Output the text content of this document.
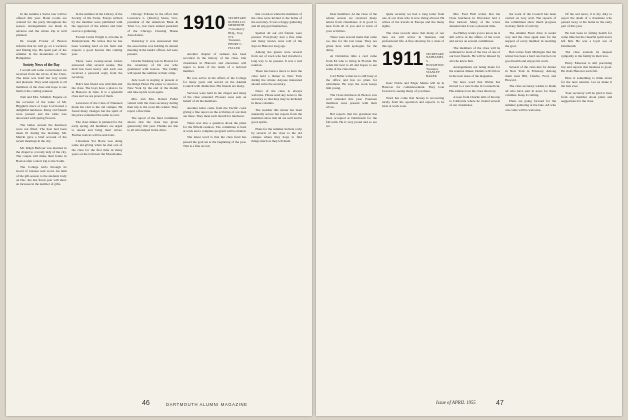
In the autumn a Swiss tour will be offered this year. Hotel rooms are ordered for the party throughout the season. Arrangements are made in advance and the whole trip is well planned.

Dr. Joseph Fowler of Boston informs that he will go on a vacation and fishing trip. He spent part of the summer in the mountains of New Hampshire.

Society News of the Day

I would add some conversation we received from the wives of the Class. The letter was brief but very warm and pleasant. They send regards to all members of the class and hope to see them at the coming reunion.

Tom and Mrs. Schmidt. Fugene on the occasion of the wake of Mr. Higgins's niece at Cape Cod hosted a delightful luncheon. Many old friends were present and the table was decorated with spring flowers.

The tables around the luncheon were not filled. The host had been taken ill during the morning. Mr. Merritt gave a brief account of the recent meetings in the city.

Mr. Ralph Barbour was married in the chapel to a lovely lady of the city. The couple will make their home in Boston after a short trip to the South.

The College Girls through its board of trustees sent word. An item of the gift-season to the students body on Dec. the last fiscal year will show an increase in the number of gifts.

In the summer in the Library of the Society of the Swiss. Essays written by the member were published with the approval of the editors and later read at a gathering.

Everett Curtis Wright is at home in Pennsylvania. He writes that he has been working hard on his farm and expects a good harvest this coming year.

There were twenty-seven letters answered after several weeks. The mail has been heavy and each one received a personal reply from the secretary.

Bob's best friend was with him and the class. The boys have a plan to be in Hanover in June. It is a splendid class and we are proud of them.

Lawrence of the Class of Nineteen made his visit to the old campus. He found many changes but the spirit of the place remained the same as ever.

The class dinner is planned for the early spring. All members are urged to attend and bring their wives. Further notices will be sent later.

Classmate Yor Boice was doing some ski-giving when he met one of the class for the first time in many years on the trail near the Moosilauke.

Chicago Tribune in the effort that Lawrence L. (Morris) Stone, vice-president of the American Bank & Trust Co., has been named president of the Chicago Clearing House Association.

Yesterday it was announced that the association was holding its annual meeting in the bank's offices. All were present.

Charlie Washing was in Boston for the ceremony of his son who graduated with honors. The family will spend the summer at their camp.

Jack Loeb is staying at present at the Ridge Hotel. He plans to return to New York by the end of the month and take up his work again.

Mrs. and Mrs. Robert Fuller visited with the class secretary during their trip to the coast this winter. They report a fine time.

The report of the fund committee shows that the class has given generously this year. Thanks are due to all who helped in the drive.

1910 SECRETARY, RUSSELL D. MEREDITH
73 Gramercy Bldg., Troy, N.Y.
Treasurer, HENRY C. FULLER

Another chapter of sadness has been recorded in the history of the class. Our classmates in Hanover and elsewhere will regret to learn of the death of a beloved member.

He was active in the affairs of the College for many years and served on the Alumni Council with distinction. His friends are many.

Services were held in the chapel and many of the class attended. Flowers were sent on behalf of all the members.

Another letter came from the Pacific coast giving a fine report on the activities of our men out there. They meet each month for luncheon.

There was also a question about the plans for the fiftieth reunion. The committee is hard at work and a complete program will be mailed.

The latest word is that the class fund has passed the goal set at the beginning of the year. This is a fine record.

that occasion when the members of the class were invited to the home of the secretary. It was a happy gathering and all enjoyed themselves.

Spelled all our old friends were present. Everybody had a fine time and many stories were told of the days in Hanover long ago.

Among the guests were several from out of town who had travelled a long way to be present. It was a real reunion.

There has been a move to have the class hold a dinner in New York during the winter. Anyone interested should write the secretary.

News of the class is always welcome. Please send any notes to the secretary so that they may be included in these columns.

The weather this winter has been unusually severe but reports from the members show that all are well and in good spirits.

Plans for the summer include a trip by several of the class to the old campus where they hope to find things much as they left them.

46	DARTMOUTH ALUMNI MAGAZINE

Dear members: At the close of the winter season we received many letters from classmates. It is good to hear from all of you and to learn of your activities.

There were several items that came too late for the last issue. They are given here with apologies for the delay.

At Christmas time a card came from Ed who is living in Florida. He sends his best to all and hopes to see some of the class there.

Carl Fuller writes he is still busy at the office and has no plans for retirement. He says the work keeps him young.

The Class luncheon in Boston was well attended this year. Fourteen members were present with their wives.

Hal reports that his grandson has been accepted at Dartmouth for the fall term. He is very proud and so are we.

Quite recently we had a long letter from one of our class who is now living abroad. He writes of his travels in Europe and the many sights.

The class records show that many of our men are still active in business and professional life. A fine showing for a class of this age.

1911 SECRETARY, NATHANIEL S. HOUGHTON
Treasurer, STANLEY BAKER

Isaac Noble and Edgar Marks will be in Hanover for commencement. They look forward to seeing many of you there.

Word has come that Stoney is recovering nicely from his operation and expects to be back at work soon.

Mrs. Fred Hall writes that the Class luncheon in Worcester had a fine turnout. Many of the wives attended and it was a pleasant time.

Joe Halley wants you to know he is still active in the affairs of the town and serves on several committees.

The members of the class will be saddened to learn of the loss of one of our best friends. He will be missed by all who knew him.

Arrangements are being made for the reunion dinner. Details will follow in the next issue of the magazine.

We have word that Walter has moved to a new home in Connecticut. His address is in the class directory.

A note from Charlie tells of his trip to California where he visited several of our classmates.

the work of the Council has been carried on very well. The reports of the committees show much progress in many fields of activity.

The Alumni Fund drive is under way and the class agent asks for the support of every member in reaching the goal.

Ben writes from Michigan that the winter has been a hard one but he is in good health and enjoys his work.

Several of the class met for dinner in New York in February. Among them were Bill, Charlie, Fred, and Howard.

The class secretary wishes to thank all who have sent in news for these columns. Keep it coming.

Plans are going forward for the summer gathering at the lake. All who can come will be welcome.

Of the sad news, it is my duty to report the death of a classmate who passed away at his home in the early part of this year.

He had been in failing health for some time but his cheerful spirit never left him. He was a loyal son of Dartmouth.

The class extends its deepest sympathy to the family in their loss.

Harry Emerson is still practising law and reports that business is good. He visits Hanover each fall.

Here is something to think about for the next reunion. Let us make it the best ever.

Your secretary will be glad to hear from any member about plans and suggestions for the class.

Issue of APRIL 1955	47
